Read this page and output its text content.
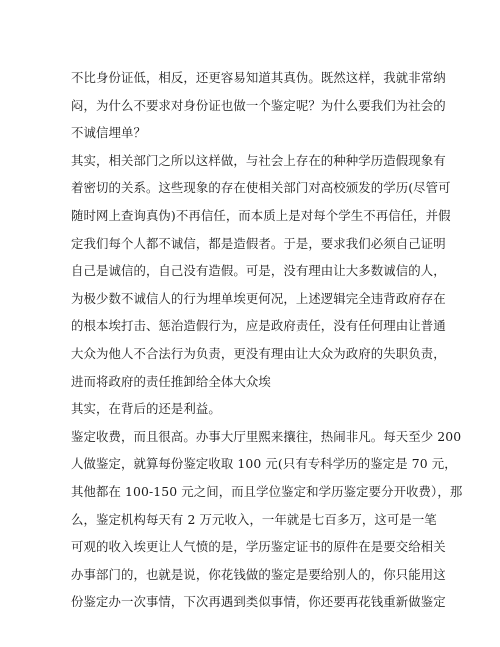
不比身份证低，相反，还更容易知道其真伪。既然这样，我就非常纳
闷，为什么不要求对身份证也做一个鉴定呢？为什么要我们为社会的
不诚信埋单？
其实，相关部门之所以这样做，与社会上存在的种种学历造假现象有
着密切的关系。这些现象的存在使相关部门对高校颁发的学历(尽管可
随时网上查询真伪)不再信任，而本质上是对每个学生不再信任，并假
定我们每个人都不诚信，都是造假者。于是，要求我们必须自己证明
自己是诚信的，自己没有造假。可是，没有理由让大多数诚信的人，
为极少数不诚信人的行为埋单埃更何况，上述逻辑完全违背政府存在
的根本埃打击、惩治造假行为，应是政府责任，没有任何理由让普通
大众为他人不合法行为负责，更没有理由让大众为政府的失职负责，
进而将政府的责任推卸给全体大众埃
其实，在背后的还是利益。
鉴定收费，而且很高。办事大厅里熙来攘往，热闹非凡。每天至少 200
人做鉴定，就算每份鉴定收取 100 元(只有专科学历的鉴定是 70 元，
其他都在 100-150 元之间，而且学位鉴定和学历鉴定要分开收费），那
么，鉴定机构每天有 2 万元收入，一年就是七百多万，这可是一笔
可观的收入埃更让人气愤的是，学历鉴定证书的原件在是要交给相关
办事部门的，也就是说，你花钱做的鉴定是要给别人的，你只能用这
份鉴定办一次事情，下次再遇到类似事情，你还要再花钱重新做鉴定
